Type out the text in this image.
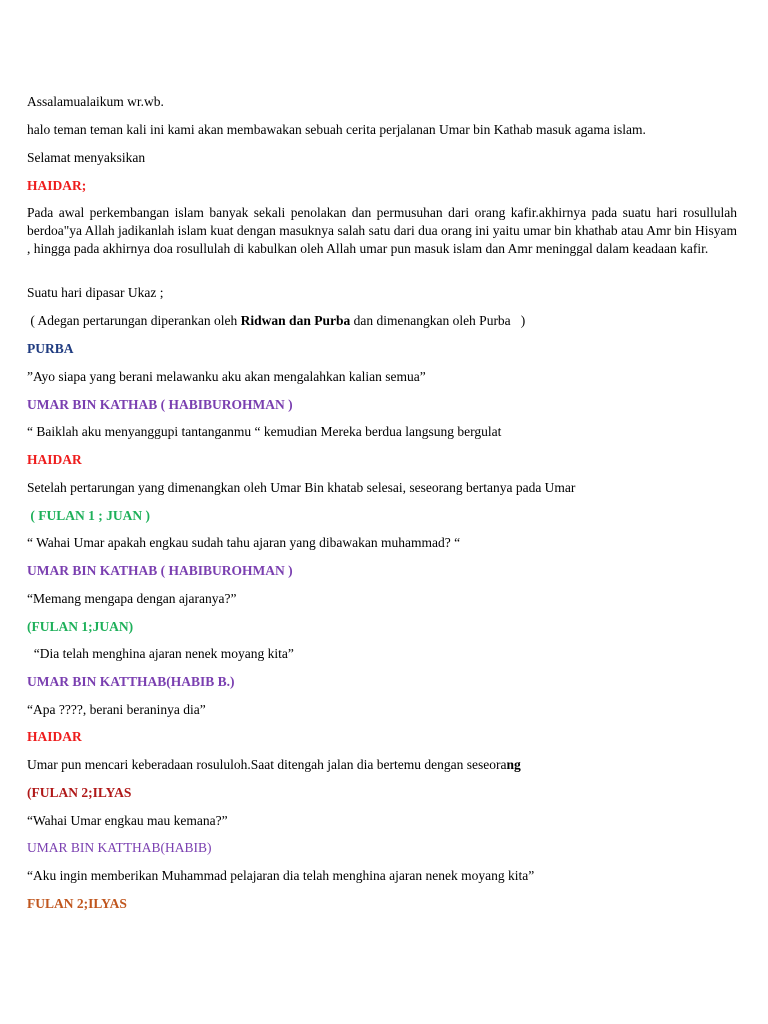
Assalamualaikum wr.wb.

halo teman teman kali ini kami akan membawakan sebuah cerita perjalanan Umar bin Kathab masuk agama islam.

Selamat menyaksikan

HAIDAR;

Pada awal perkembangan islam banyak sekali penolakan dan permusuhan dari orang kafir.akhirnya pada suatu hari rosullulah berdoa"ya Allah jadikanlah islam kuat dengan masuknya salah satu dari dua orang ini yaitu umar bin khathab atau Amr bin Hisyam , hingga pada akhirnya doa rosullulah di kabulkan oleh Allah umar pun masuk islam dan Amr meninggal dalam keadaan kafir.

Suatu hari dipasar Ukaz ;

( Adegan pertarungan diperankan oleh Ridwan dan Purba dan dimenangkan oleh Purba   )

PURBA

”Ayo siapa yang berani melawanku aku akan mengalahkan kalian semua”

UMAR BIN KATHAB ( HABIBUROHMAN )

“ Baiklah aku menyanggupi tantanganmu “ kemudian Mereka berdua langsung bergulat

HAIDAR

Setelah pertarungan yang dimenangkan oleh Umar Bin khatab selesai, seseorang bertanya pada Umar

( FULAN 1 ; JUAN )

“ Wahai Umar apakah engkau sudah tahu ajaran yang dibawakan muhammad? “

UMAR BIN KATHAB ( HABIBUROHMAN )

“Memang mengapa dengan ajaranya?”

(FULAN 1;JUAN)

“Dia telah menghina ajaran nenek moyang kita”

UMAR BIN KATTHAB(HABIB B.)

“Apa ????, berani beraninya dia”

HAIDAR

Umar pun mencari keberadaan rosululoh.Saat ditengah jalan dia bertemu dengan seseorang

(FULAN 2;ILYAS

“Wahai Umar engkau mau kemana?”

UMAR BIN KATTHAB(HABIB)

“Aku ingin memberikan Muhammad pelajaran dia telah menghina ajaran nenek moyang kita”

FULAN 2;ILYAS
